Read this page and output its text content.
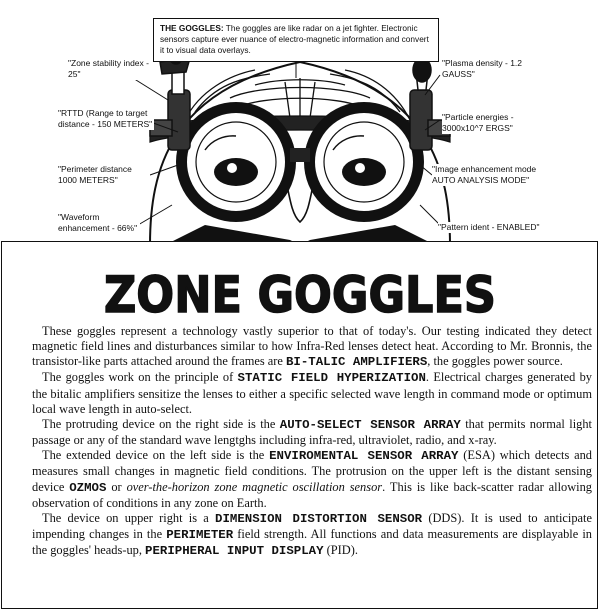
THE GOGGLES: The goggles are like radar on a jet fighter. Electronic sensors capture ever nuance of electro-magnetic information and convert it to visual data overlays.
"Zone stability index - 25"
"RTTD (Range to target distance - 150 METERS"
"Perimeter distance 1000 METERS"
"Waveform enhancement - 66%"
"Plasma density - 1.2 GAUSS"
"Particle energies - 3000x10^7 ERGS"
"Image enhancement mode AUTO ANALYSIS MODE"
"Pattern ident - ENABLED"
ZONE GOGGLES

These goggles represent a technology vastly superior to that of today's. Our testing indicated they detect magnetic field lines and disturbances similar to how Infra-Red lenses detect heat. According to Mr. Bronnis, the transistor-like parts attached around the frames are BI-TALIC AMPLIFIERS, the goggles power source.

The goggles work on the principle of STATIC FIELD HYPERIZATION. Electrical charges generated by the bitalic amplifiers sensitize the lenses to either a specific selected wave length in command mode or optimum local wave length in auto-select.

The protruding device on the right side is the AUTO-SELECT SENSOR ARRAY that permits normal light passage or any of the standard wave lengtghs including infra-red, ultraviolet, radio, and x-ray.

The extended device on the left side is the ENVIROMENTAL SENSOR ARRAY (ESA) which detects and measures small changes in magnetic field conditions. The protrusion on the upper left is the distant sensing device OZMOS or over-the-horizon zone magnetic oscillation sensor. This is like back-scatter radar allowing observation of conditions in any zone on Earth.

The device on upper right is a DIMENSION DISTORTION SENSOR (DDS). It is used to anticipate impending changes in the PERIMETER field strength. All functions and data measurements are displayable in the goggles' heads-up, PERIPHERAL INPUT DISPLAY (PID).
